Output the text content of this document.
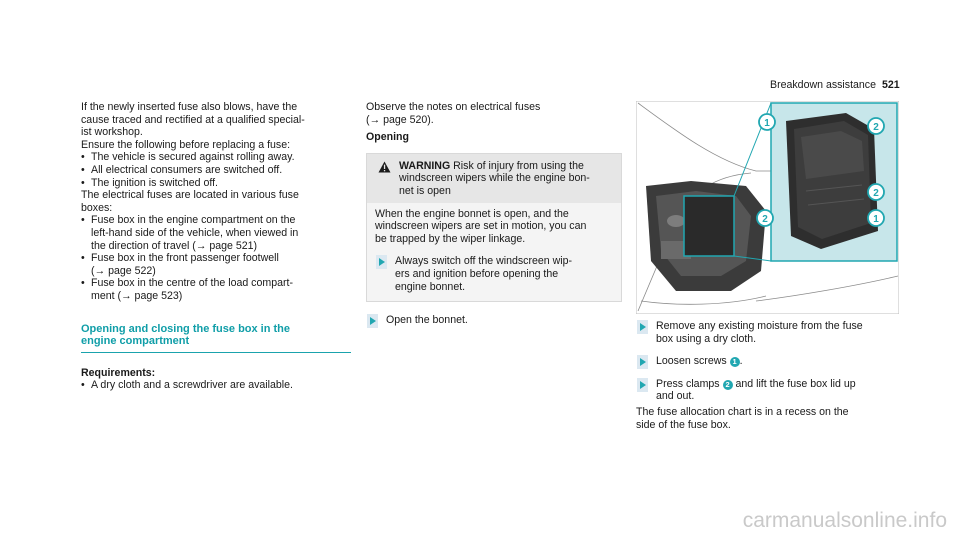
Breakdown assistance 521

If the newly inserted fuse also blows, have the
cause traced and rectified at a qualified special-
ist workshop.

Ensure the following before replacing a fuse:

• The vehicle is secured against rolling away.
• All electrical consumers are switched off.
• The ignition is switched off.

The electrical fuses are located in various fuse
boxes:

• Fuse box in the engine compartment on the
left-hand side of the vehicle, when viewed in
the direction of travel (→ page 521)
• Fuse box in the front passenger footwell
(→ page 522)
• Fuse box in the centre of the load compart-
ment (→ page 523)
Opening and closing the fuse box in the
engine compartment

Requirements:

• A dry cloth and a screwdriver are available.

Observe the notes on electrical fuses
(→ page 520).

Opening

WARNING Risk of injury from using the
windscreen wipers while the engine bon-
net is open

When the engine bonnet is open, and the
windscreen wipers are set in motion, you can
be trapped by the wiper linkage.

Always switch off the windscreen wip-
ers and ignition before opening the
engine bonnet.
Open the bonnet.
1	2
2
2	1
Remove any existing moisture from the fuse
box using a dry cloth.
Loosen screws 1 .
Press clamps 2 and lift the fuse box lid up
and out.

The fuse allocation chart is in a recess on the
side of the fuse box.

carmanualsonline.info
